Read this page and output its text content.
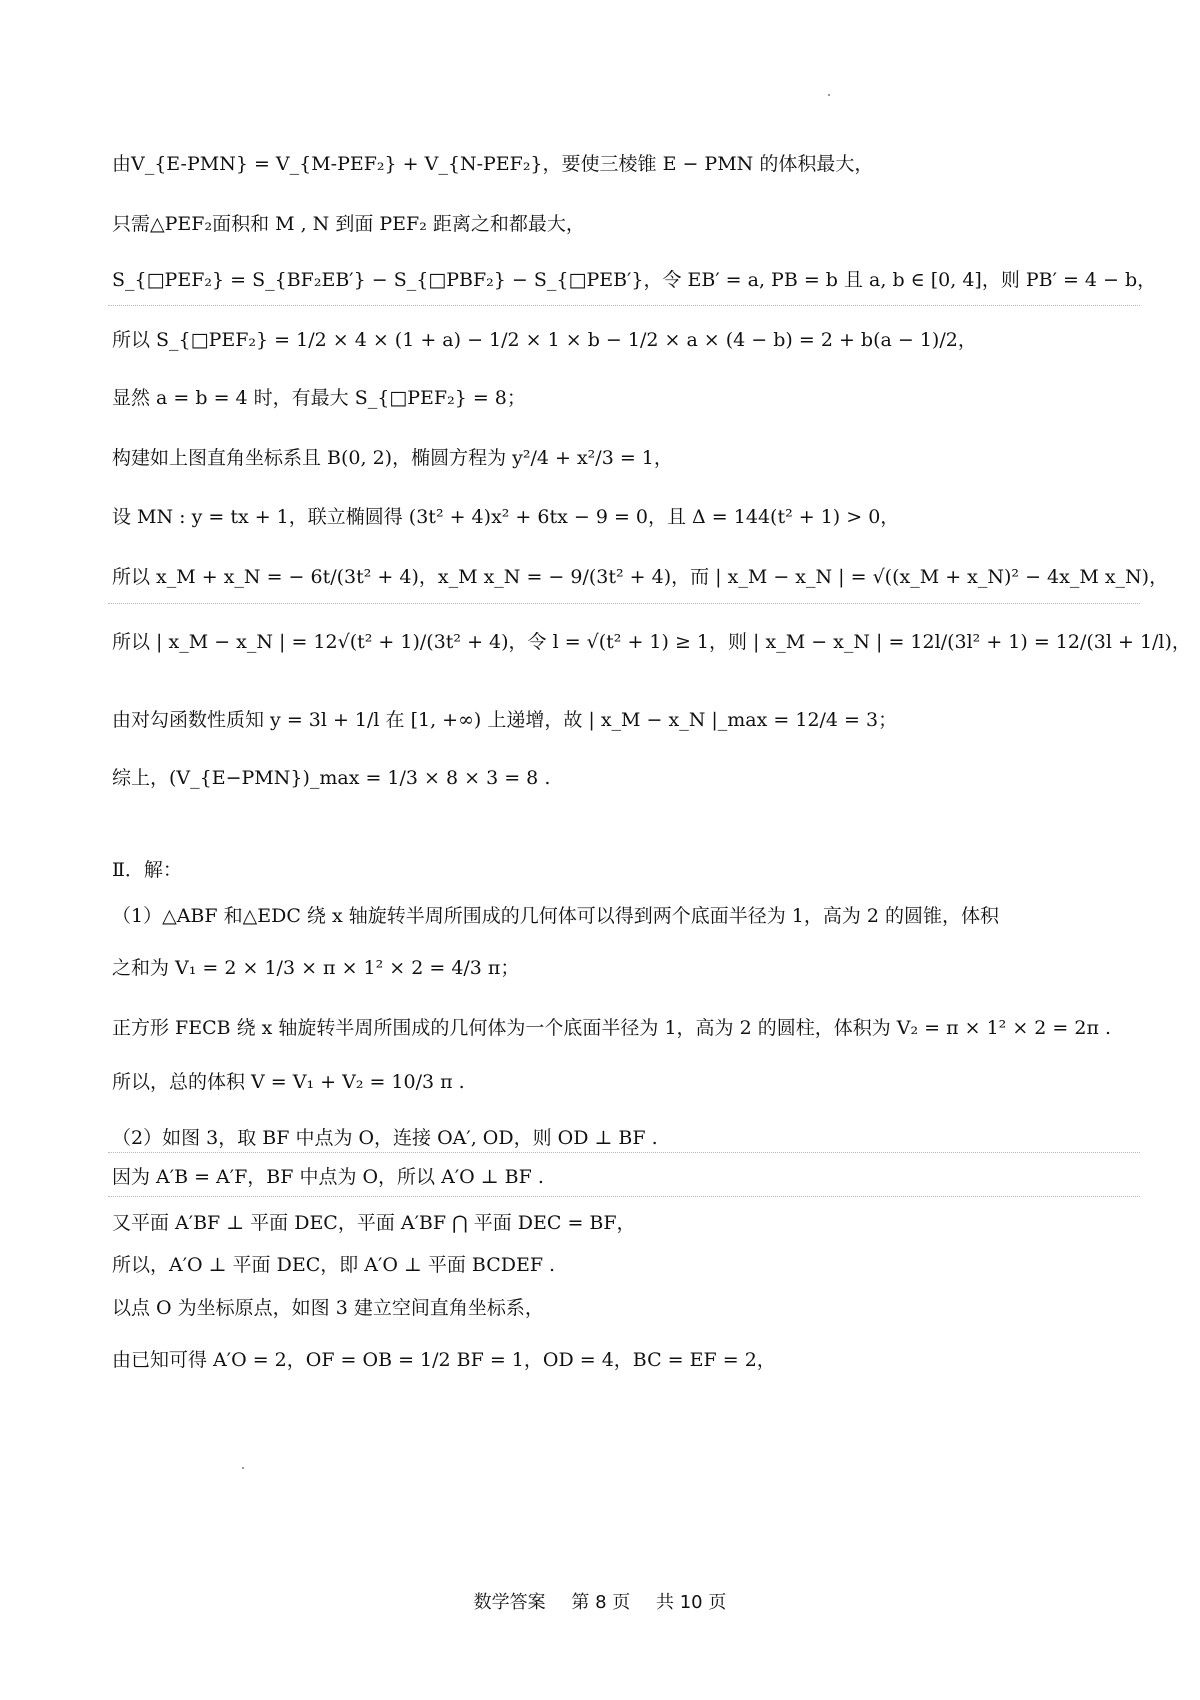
由V_{E-PMN} = V_{M-PEF₂} + V_{N-PEF₂}，要使三棱锥 E − PMN 的体积最大，
只需△PEF₂面积和 M , N 到面 PEF₂ 距离之和都最大，
S_{□PEF₂} = S_{BF₂EB′} − S_{□PBF₂} − S_{□PEB′}，令 EB′ = a, PB = b 且 a, b ∈ [0, 4]，则 PB′ = 4 − b，
所以 S_{□PEF₂} = 1/2 × 4 × (1 + a) − 1/2 × 1 × b − 1/2 × a × (4 − b) = 2 + b(a − 1)/2，
显然 a = b = 4 时，有最大 S_{□PEF₂} = 8；
构建如上图直角坐标系且 B(0, 2)，椭圆方程为 y²/4 + x²/3 = 1，
设 MN : y = tx + 1，联立椭圆得 (3t² + 4)x² + 6tx − 9 = 0，且 Δ = 144(t² + 1) > 0，
所以 x_M + x_N = − 6t/(3t² + 4)，x_M x_N = − 9/(3t² + 4)，而 | x_M − x_N | = √((x_M + x_N)² − 4x_M x_N)，
所以 | x_M − x_N | = 12√(t² + 1)/(3t² + 4)，令 l = √(t² + 1) ≥ 1，则 | x_M − x_N | = 12l/(3l² + 1) = 12/(3l + 1/l)，
由对勾函数性质知 y = 3l + 1/l 在 [1, +∞) 上递增，故 | x_M − x_N |_max = 12/4 = 3；
综上，(V_{E−PMN})_max = 1/3 × 8 × 3 = 8 .
Ⅱ．解：
（1）△ABF 和△EDC 绕 x 轴旋转半周所围成的几何体可以得到两个底面半径为 1，高为 2 的圆锥，体积
之和为 V₁ = 2 × 1/3 × π × 1² × 2 = 4/3 π；
正方形 FECB 绕 x 轴旋转半周所围成的几何体为一个底面半径为 1，高为 2 的圆柱，体积为 V₂ = π × 1² × 2 = 2π .
所以，总的体积 V = V₁ + V₂ = 10/3 π .
（2）如图 3，取 BF 中点为 O，连接 OA′, OD，则 OD ⊥ BF .
因为 A′B = A′F，BF 中点为 O，所以 A′O ⊥ BF .
又平面 A′BF ⊥ 平面 DEC，平面 A′BF ⋂ 平面 DEC = BF，
所以，A′O ⊥ 平面 DEC，即 A′O ⊥ 平面 BCDEF .
以点 O 为坐标原点，如图 3 建立空间直角坐标系，
由已知可得 A′O = 2，OF = OB = 1/2 BF = 1，OD = 4，BC = EF = 2，
数学答案 第 8 页 共 10 页
